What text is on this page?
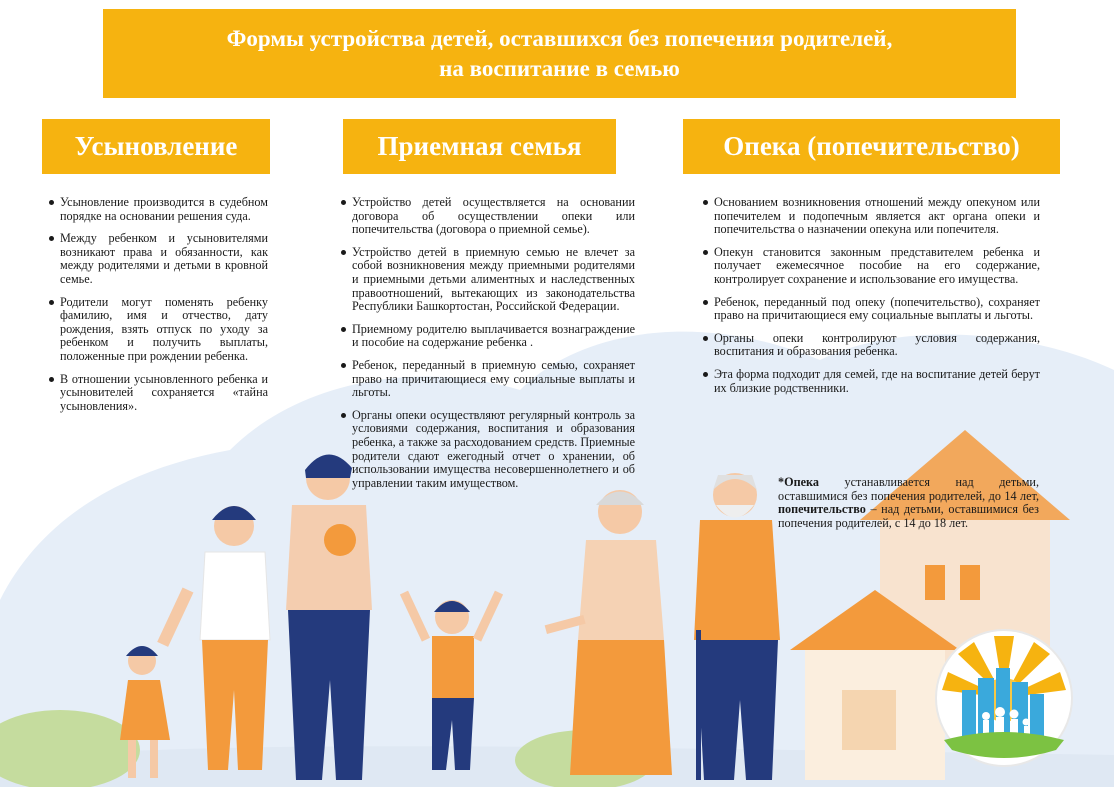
Формы устройства детей, оставшихся без попечения родителей,
на воспитание в семью
Усыновление	Приемная семья	Опека (попечительство)
Усыновление производится в судебном порядке на основании решения суда.
Между ребенком и усыновителями возникают права и обязанности, как между родителями и детьми в кровной семье.
Родители могут поменять ребенку фамилию, имя и отчество, дату рождения, взять отпуск по уходу за ребенком и получить выплаты, положенные при рождении ребенка.
В отношении усыновленного ребенка и усыновителей сохраняется «тайна усыновления».
Устройство детей осуществляется на основании договора об осуществлении опеки или попечительства (договора о приемной семье).
Устройство детей в приемную семью не влечет за собой возникновения между приемными родителями и приемными детьми алиментных и наследственных правоотношений, вытекающих из законодательства Республики Башкортостан, Российской Федерации.
Приемному родителю выплачивается вознаграждение и пособие на содержание ребенка .
Ребенок, переданный в приемную семью, сохраняет право на причитающиеся ему социальные выплаты и льготы.
Органы опеки осуществляют регулярный контроль за условиями содержания, воспитания и образования ребенка, а также за расходованием средств. Приемные родители сдают ежегодный отчет о хранении, об использовании имущества несовершеннолетнего и об управлении таким имуществом.
Основанием возникновения отношений между опекуном или попечителем и подопечным является акт органа опеки и попечительства о назначении опекуна или попечителя.
Опекун становится законным представителем ребенка и получает ежемесячное пособие на его содержание, контролирует сохранение и использование его имущества.
Ребенок, переданный под опеку (попечительство), сохраняет право на причитающиеся ему социальные выплаты и льготы.
Органы опеки контролируют условия содержания, воспитания и образования ребенка.
Эта форма подходит для семей, где на воспитание детей берут их близкие родственники.
*Опека устанавливается над детьми, оставшимися без попечения родителей, до 14 лет, попечительство – над детьми, оставшимися без попечения родителей, с 14 до 18 лет.
